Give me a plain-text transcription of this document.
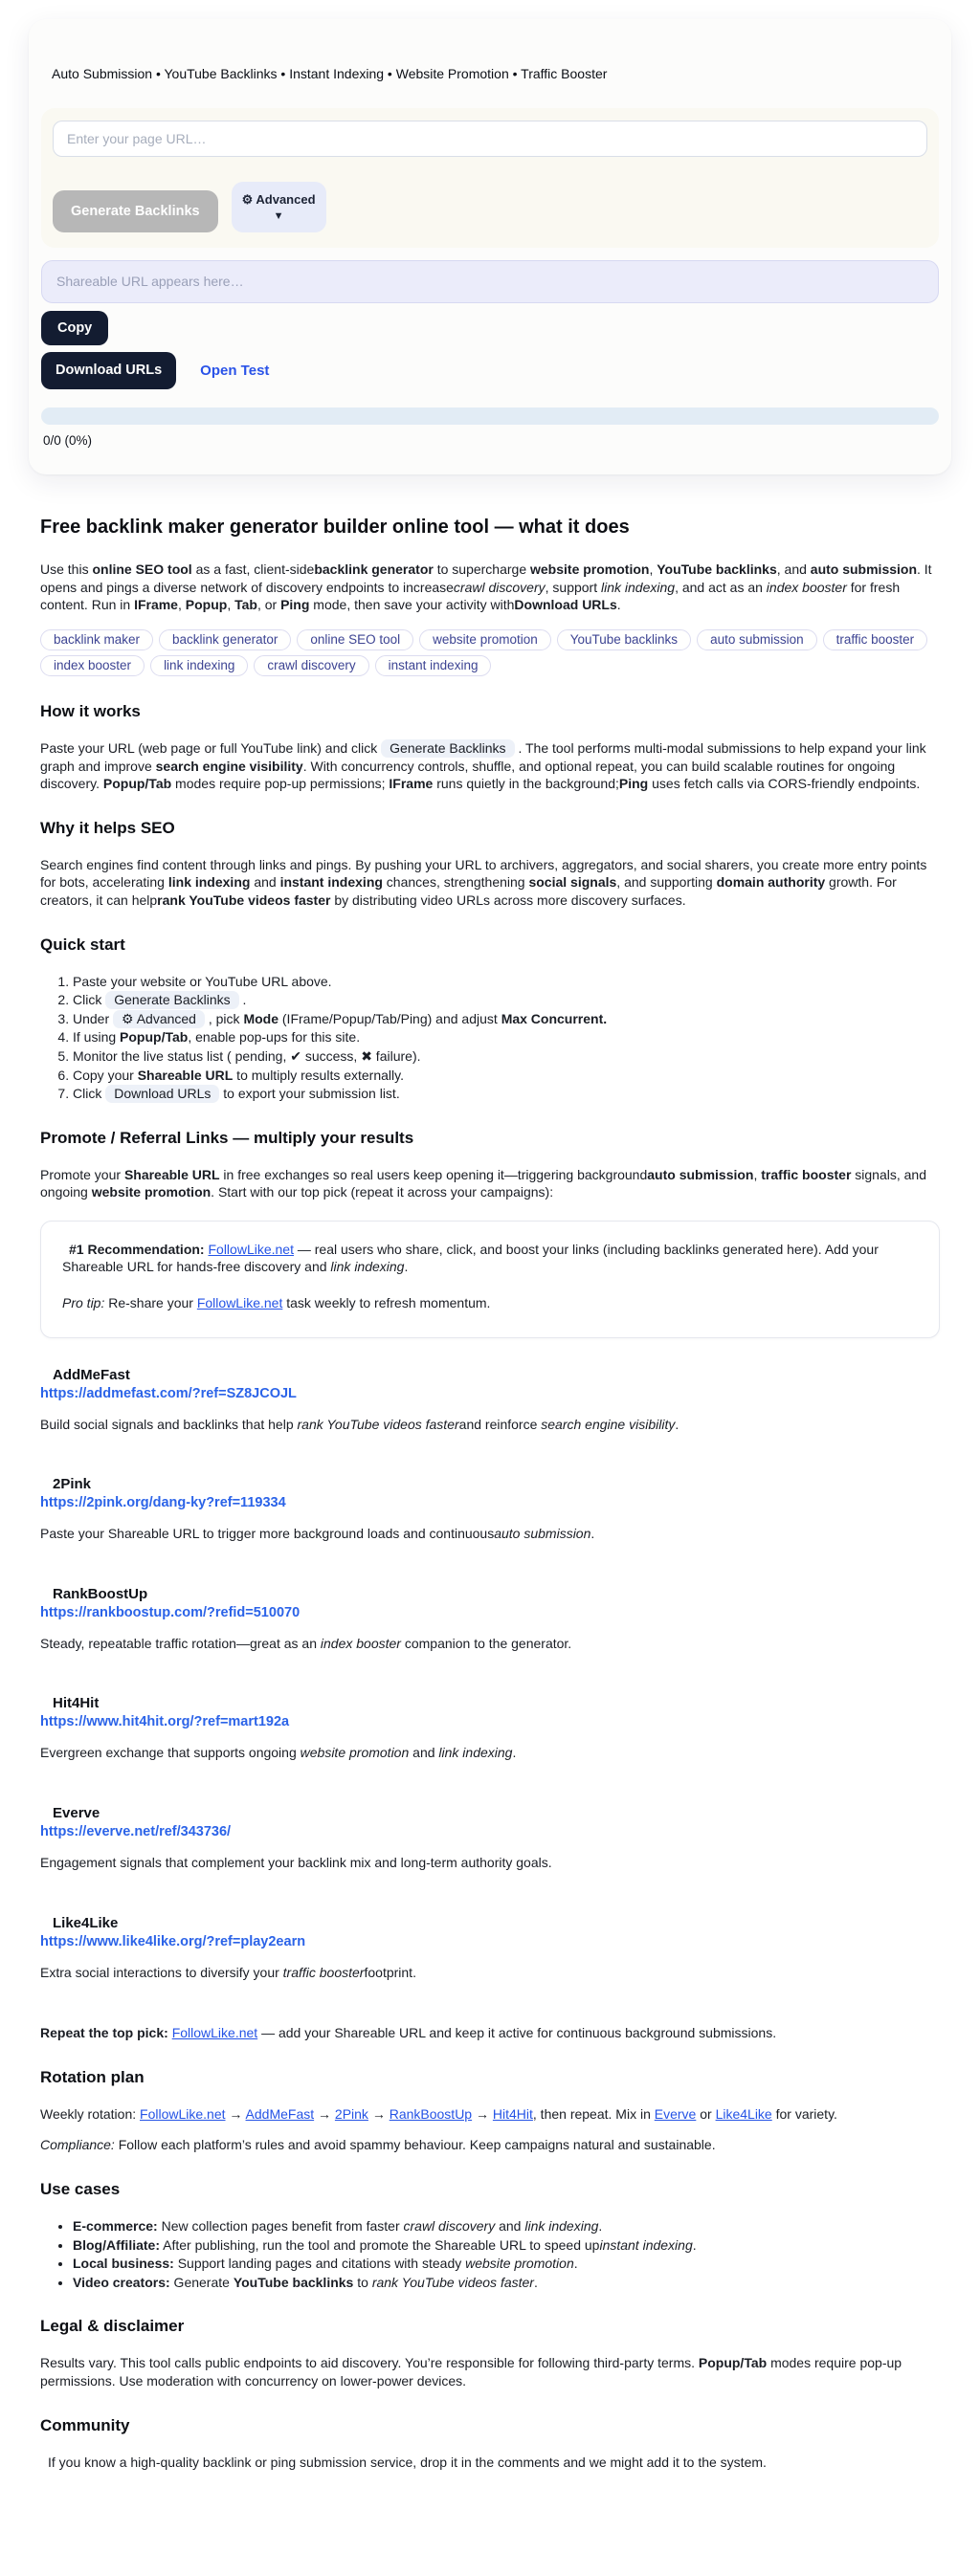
Auto Submission • YouTube Backlinks • Instant Indexing • Website Promotion • Traffic Booster

Enter your page URL…
Generate Backlinks
⚙ Advanced
▼
Shareable URL appears here…
Copy
Download URLs	Open Test

0/0 (0%)

Free backlink maker generator builder online tool — what it does

Use this online SEO tool as a fast, client-sidebacklink generator to supercharge website promotion, YouTube backlinks, and auto submission. It opens and pings a diverse network of discovery endpoints to increasecrawl discovery, support link indexing, and act as an index booster for fresh content. Run in IFrame, Popup, Tab, or Ping mode, then save your activity withDownload URLs.

backlink maker	backlink generator	online SEO tool	website promotion	YouTube backlinks	auto submission	traffic booster
index booster	link indexing	crawl discovery	instant indexing
How it works

Paste your URL (web page or full YouTube link) and click Generate Backlinks . The tool performs multi-modal submissions to help expand your link graph and improve search engine visibility. With concurrency controls, shuffle, and optional repeat, you can build scalable routines for ongoing discovery. Popup/Tab modes require pop-up permissions; IFrame runs quietly in the background;Ping uses fetch calls via CORS-friendly endpoints.

Why it helps SEO

Search engines find content through links and pings. By pushing your URL to archivers, aggregators, and social sharers, you create more entry points for bots, accelerating link indexing and instant indexing chances, strengthening social signals, and supporting domain authority growth. For creators, it can helprank YouTube videos faster by distributing video URLs across more discovery surfaces.

Quick start
1. Paste your website or YouTube URL above.
2. Click Generate Backlinks .
3. Under ⚙ Advanced , pick Mode (IFrame/Popup/Tab/Ping) and adjust Max Concurrent.
4. If using Popup/Tab, enable pop-ups for this site.
5. Monitor the live status list ( pending, ✔ success, ✖ failure).
6. Copy your Shareable URL to multiply results externally.
7. Click Download URLs to export your submission list.
Promote / Referral Links — multiply your results

Promote your Shareable URL in free exchanges so real users keep opening it—triggering backgroundauto submission, traffic booster signals, and ongoing website promotion. Start with our top pick (repeat it across your campaigns):

#1 Recommendation: FollowLike.net — real users who share, click, and boost your links (including backlinks generated here). Add your Shareable URL for hands-free discovery and link indexing.

Pro tip: Re-share your FollowLike.net task weekly to refresh momentum.

AddMeFast
https://addmefast.com/?ref=SZ8JCOJL

Build social signals and backlinks that help rank YouTube videos fasterand reinforce search engine visibility.

2Pink
https://2pink.org/dang-ky?ref=119334

Paste your Shareable URL to trigger more background loads and continuousauto submission.

RankBoostUp
https://rankboostup.com/?refid=510070

Steady, repeatable traffic rotation—great as an index booster companion to the generator.

Hit4Hit
https://www.hit4hit.org/?ref=mart192a

Evergreen exchange that supports ongoing website promotion and link indexing.

Everve
https://everve.net/ref/343736/

Engagement signals that complement your backlink mix and long-term authority goals.

Like4Like
https://www.like4like.org/?ref=play2earn

Extra social interactions to diversify your traffic boosterfootprint.

Repeat the top pick: FollowLike.net — add your Shareable URL and keep it active for continuous background submissions.

Rotation plan

Weekly rotation: FollowLike.net → AddMeFast → 2Pink → RankBoostUp → Hit4Hit, then repeat. Mix in Everve or Like4Like for variety.

Compliance: Follow each platform’s rules and avoid spammy behaviour. Keep campaigns natural and sustainable.

Use cases
• E-commerce: New collection pages benefit from faster crawl discovery and link indexing.
• Blog/Affiliate: After publishing, run the tool and promote the Shareable URL to speed upinstant indexing.
• Local business: Support landing pages and citations with steady website promotion.
• Video creators: Generate YouTube backlinks to rank YouTube videos faster.
Legal & disclaimer

Results vary. This tool calls public endpoints to aid discovery. You’re responsible for following third-party terms. Popup/Tab modes require pop-up permissions. Use moderation with concurrency on lower-power devices.

Community

If you know a high-quality backlink or ping submission service, drop it in the comments and we might add it to the system.
